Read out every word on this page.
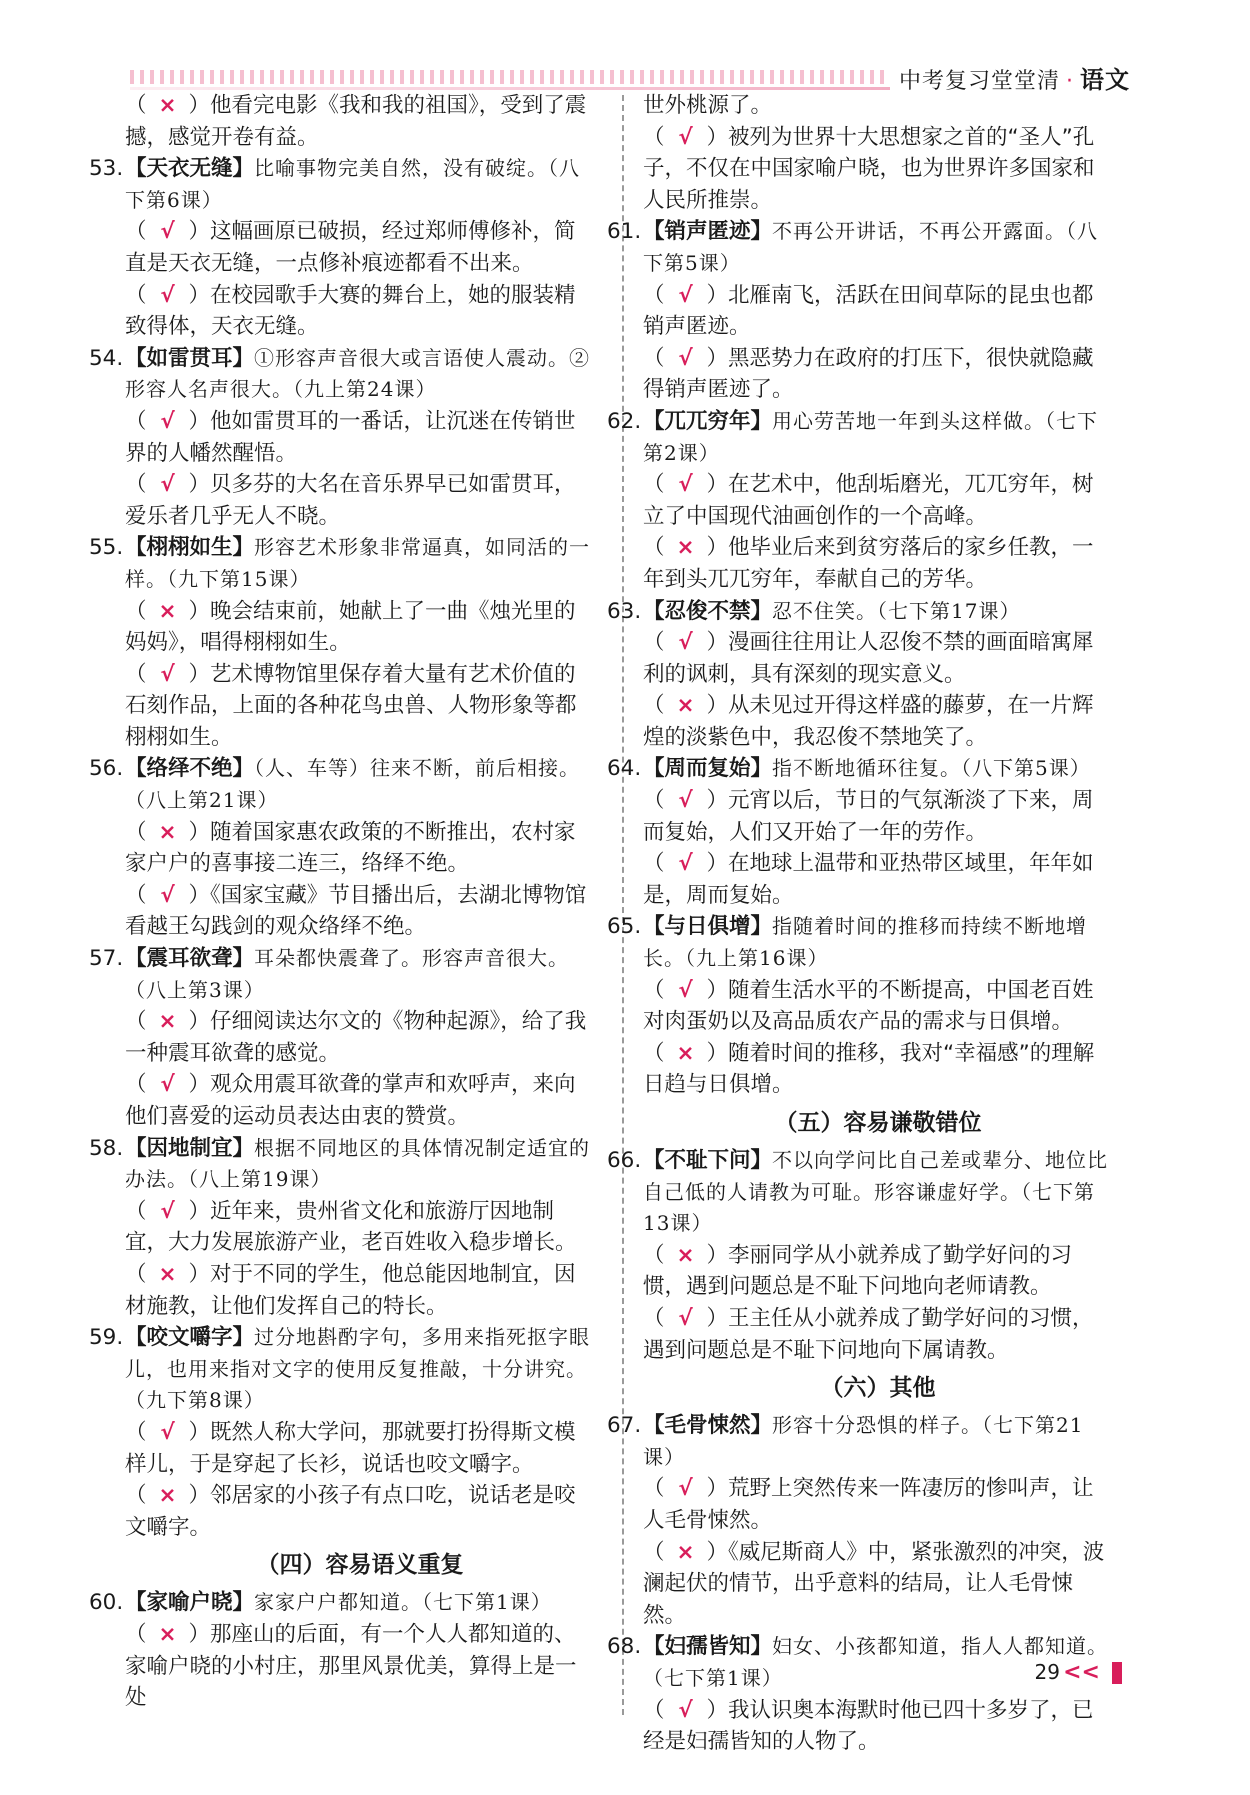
中考复习堂堂清 · 语文
（ × ）他看完电影《我和我的祖国》，受到了震撼，感觉开卷有益。
53. 【天衣无缝】比喻事物完美自然，没有破绽。（八下第6课）
（ √ ）这幅画原已破损，经过郑师傅修补，简直是天衣无缝，一点修补痕迹都看不出来。
（ √ ）在校园歌手大赛的舞台上，她的服装精致得体，天衣无缝。
54. 【如雷贯耳】①形容声音很大或言语使人震动。②形容人名声很大。（九上第24课）
（ √ ）他如雷贯耳的一番话，让沉迷在传销世界的人幡然醒悟。
（ √ ）贝多芬的大名在音乐界早已如雷贯耳，爱乐者几乎无人不晓。
55. 【栩栩如生】形容艺术形象非常逼真，如同活的一样。（九下第15课）
（ × ）晚会结束前，她献上了一曲《烛光里的妈妈》，唱得栩栩如生。
（ √ ）艺术博物馆里保存着大量有艺术价值的石刻作品，上面的各种花鸟虫兽、人物形象等都栩栩如生。
56. 【络绎不绝】（人、车等）往来不断，前后相接。（八上第21课）
（ × ）随着国家惠农政策的不断推出，农村家家户户的喜事接二连三，络绎不绝。
（ √ ）《国家宝藏》节目播出后，去湖北博物馆看越王勾践剑的观众络绎不绝。
57. 【震耳欲聋】耳朵都快震聋了。形容声音很大。（八上第3课）
（ × ）仔细阅读达尔文的《物种起源》，给了我一种震耳欲聋的感觉。
（ √ ）观众用震耳欲聋的掌声和欢呼声，来向他们喜爱的运动员表达由衷的赞赏。
58. 【因地制宜】根据不同地区的具体情况制定适宜的办法。（八上第19课）
（ √ ）近年来，贵州省文化和旅游厅因地制宜，大力发展旅游产业，老百姓收入稳步增长。
（ × ）对于不同的学生，他总能因地制宜，因材施教，让他们发挥自己的特长。
59. 【咬文嚼字】过分地斟酌字句，多用来指死抠字眼儿，也用来指对文字的使用反复推敲，十分讲究。（九下第8课）
（ √ ）既然人称大学问，那就要打扮得斯文模样儿，于是穿起了长衫，说话也咬文嚼字。
（ × ）邻居家的小孩子有点口吃，说话老是咬文嚼字。
（四）容易语义重复
60. 【家喻户晓】家家户户都知道。（七下第1课）
（ × ）那座山的后面，有一个人人都知道的、家喻户晓的小村庄，那里风景优美，算得上是一处
世外桃源了。
（ √ ）被列为世界十大思想家之首的“圣人”孔子，不仅在中国家喻户晓，也为世界许多国家和人民所推崇。
61. 【销声匿迹】不再公开讲话，不再公开露面。（八下第5课）
（ √ ）北雁南飞，活跃在田间草际的昆虫也都销声匿迹。
（ √ ）黑恶势力在政府的打压下，很快就隐藏得销声匿迹了。
62. 【兀兀穷年】用心劳苦地一年到头这样做。（七下第2课）
（ √ ）在艺术中，他刮垢磨光，兀兀穷年，树立了中国现代油画创作的一个高峰。
（ × ）他毕业后来到贫穷落后的家乡任教，一年到头兀兀穷年，奉献自己的芳华。
63. 【忍俊不禁】忍不住笑。（七下第17课）
（ √ ）漫画往往用让人忍俊不禁的画面暗寓犀利的讽刺，具有深刻的现实意义。
（ × ）从未见过开得这样盛的藤萝，在一片辉煌的淡紫色中，我忍俊不禁地笑了。
64. 【周而复始】指不断地循环往复。（八下第5课）
（ √ ）元宵以后，节日的气氛渐淡了下来，周而复始，人们又开始了一年的劳作。
（ √ ）在地球上温带和亚热带区域里，年年如是，周而复始。
65. 【与日俱增】指随着时间的推移而持续不断地增长。（九上第16课）
（ √ ）随着生活水平的不断提高，中国老百姓对肉蛋奶以及高品质农产品的需求与日俱增。
（ × ）随着时间的推移，我对“幸福感”的理解日趋与日俱增。
（五）容易谦敬错位
66. 【不耻下问】不以向学问比自己差或辈分、地位比自己低的人请教为可耻。形容谦虚好学。（七下第13课）
（ × ）李丽同学从小就养成了勤学好问的习惯，遇到问题总是不耻下问地向老师请教。
（ √ ）王主任从小就养成了勤学好问的习惯，遇到问题总是不耻下问地向下属请教。
（六）其他
67. 【毛骨悚然】形容十分恐惧的样子。（七下第21课）
（ √ ）荒野上突然传来一阵凄厉的惨叫声，让人毛骨悚然。
（ × ）《威尼斯商人》中，紧张激烈的冲突，波澜起伏的情节，出乎意料的结局，让人毛骨悚然。
68. 【妇孺皆知】妇女、小孩都知道，指人人都知道。（七下第1课）
（ √ ）我认识奥本海默时他已四十多岁了，已经是妇孺皆知的人物了。
29 <<
